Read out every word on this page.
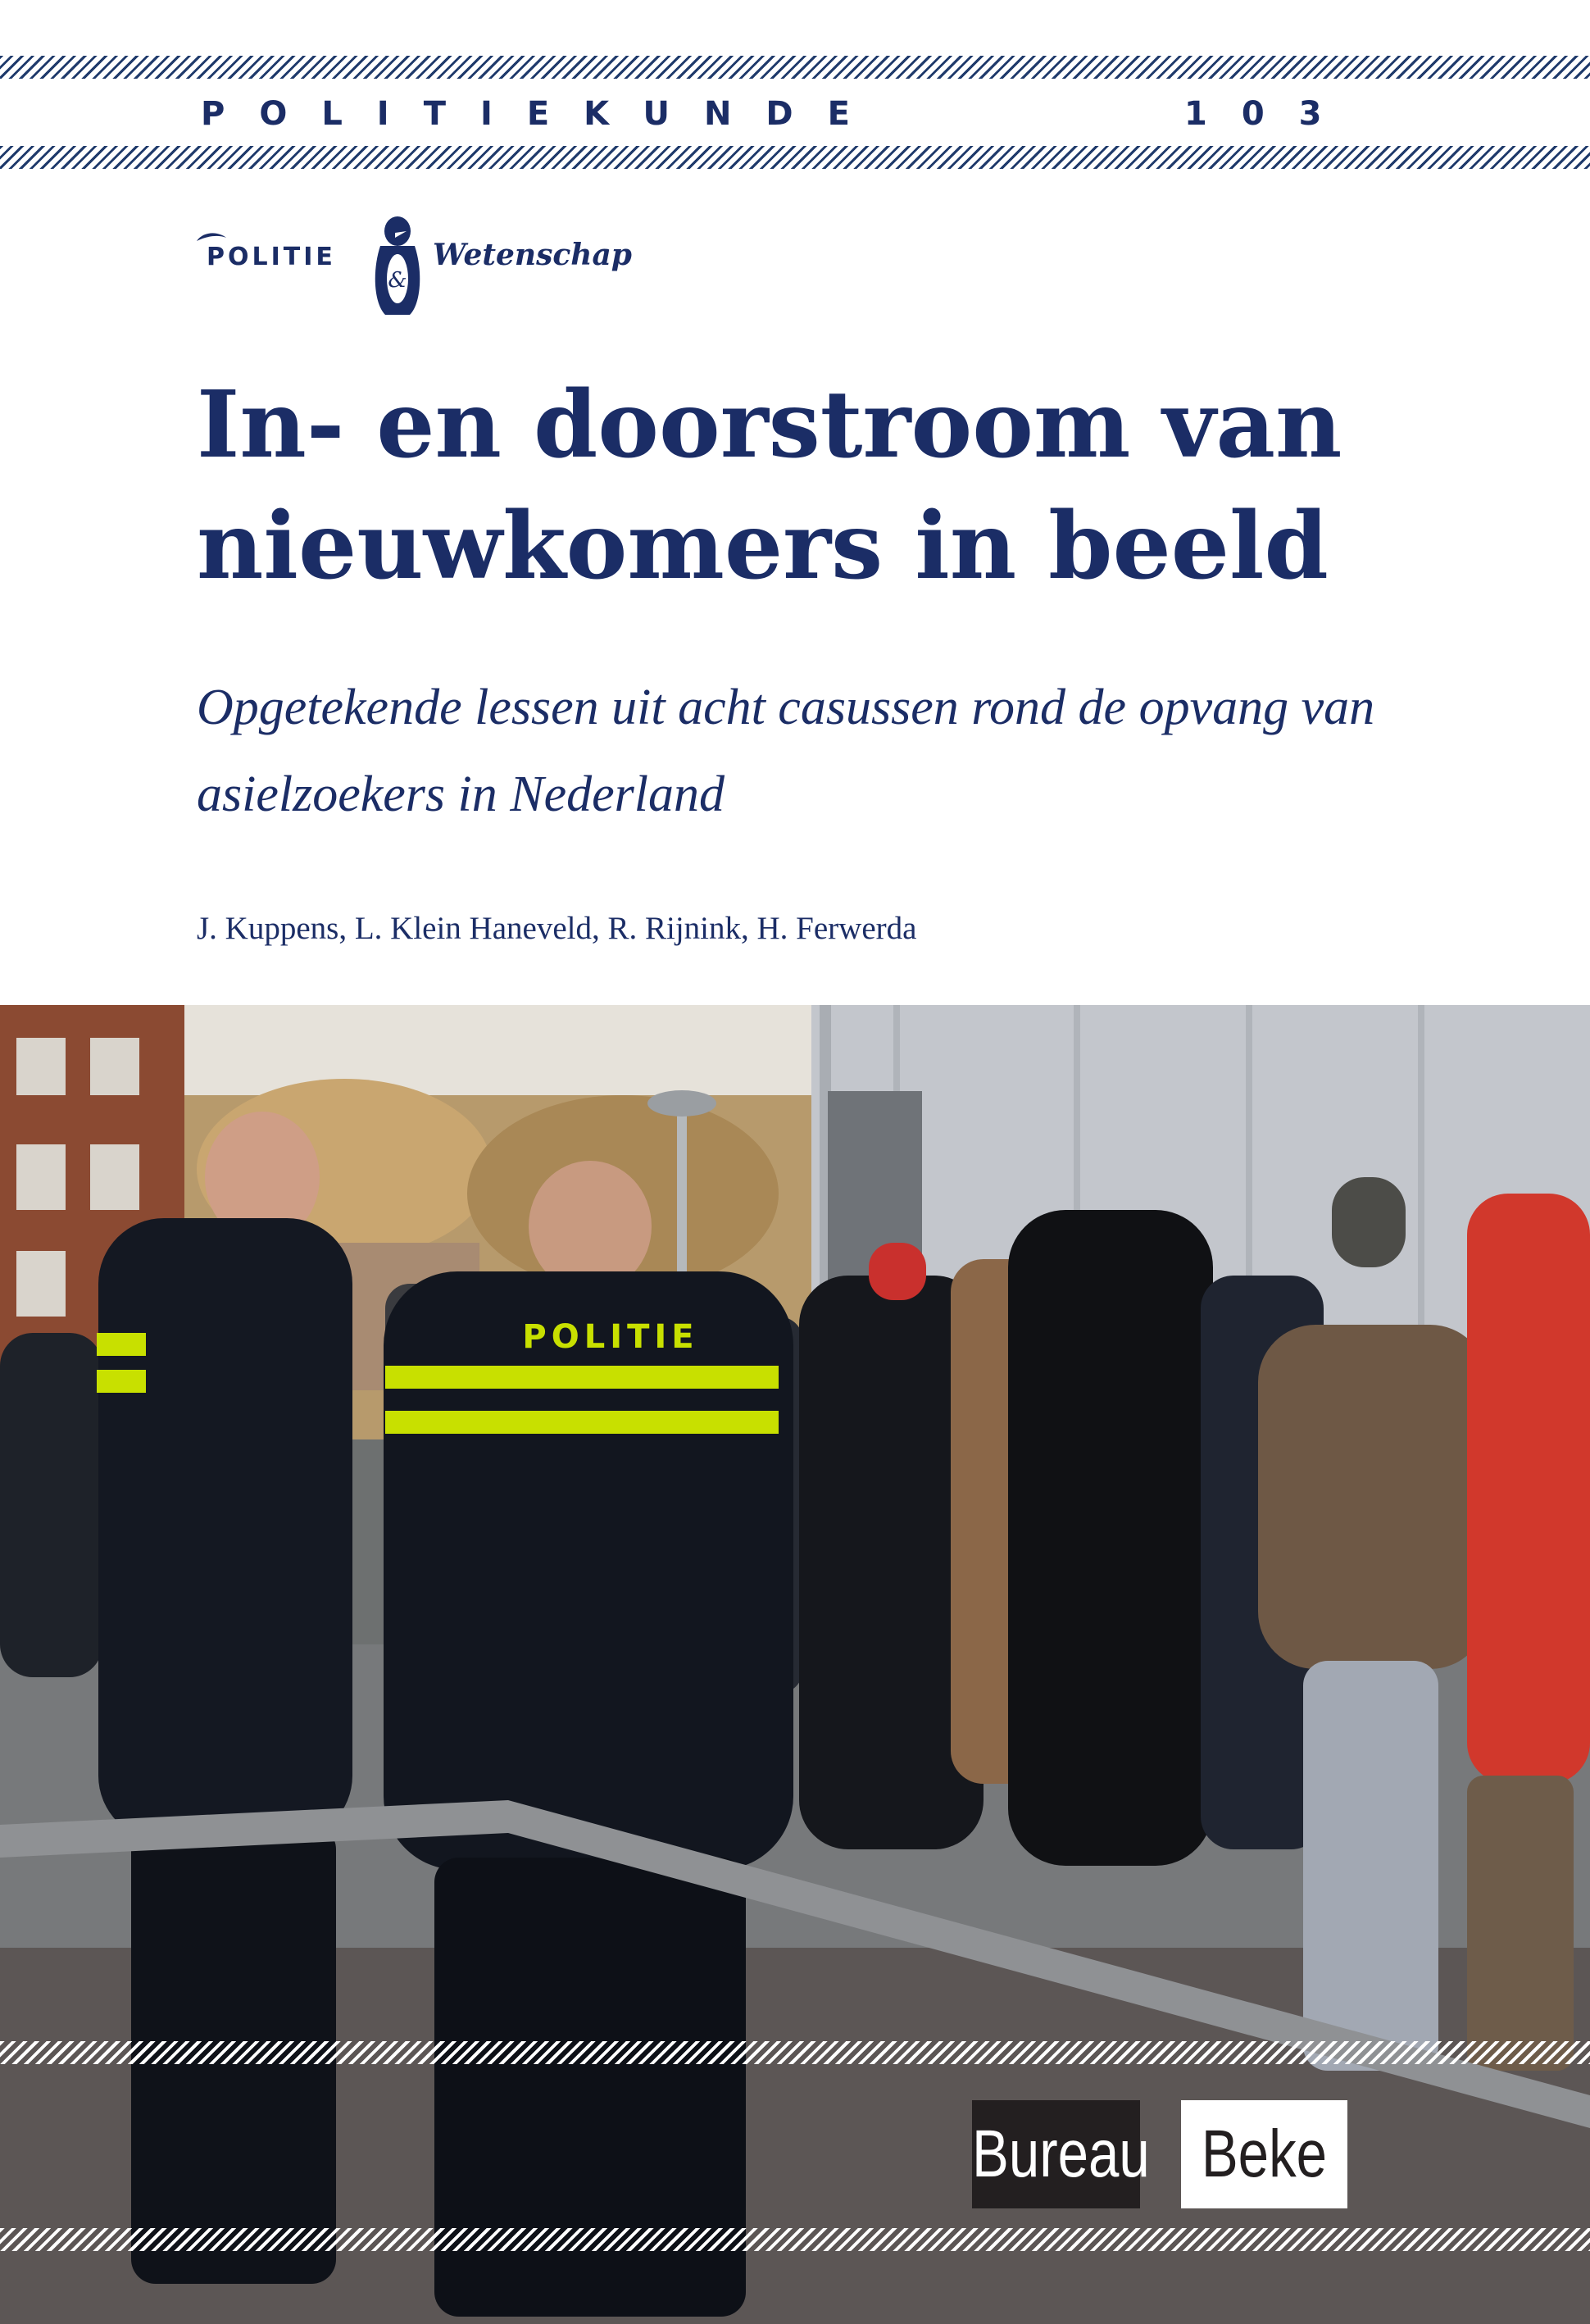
POLITIEKUNDE	103
POLITIE
&
Wetenschap
In- en doorstroom van
nieuwkomers in beeld
Opgetekende lessen uit acht casussen rond de opvang van
asielzoekers in Nederland
J. Kuppens, L. Klein Haneveld, R. Rijnink, H. Ferwerda
POLITIE
Bureau Beke
